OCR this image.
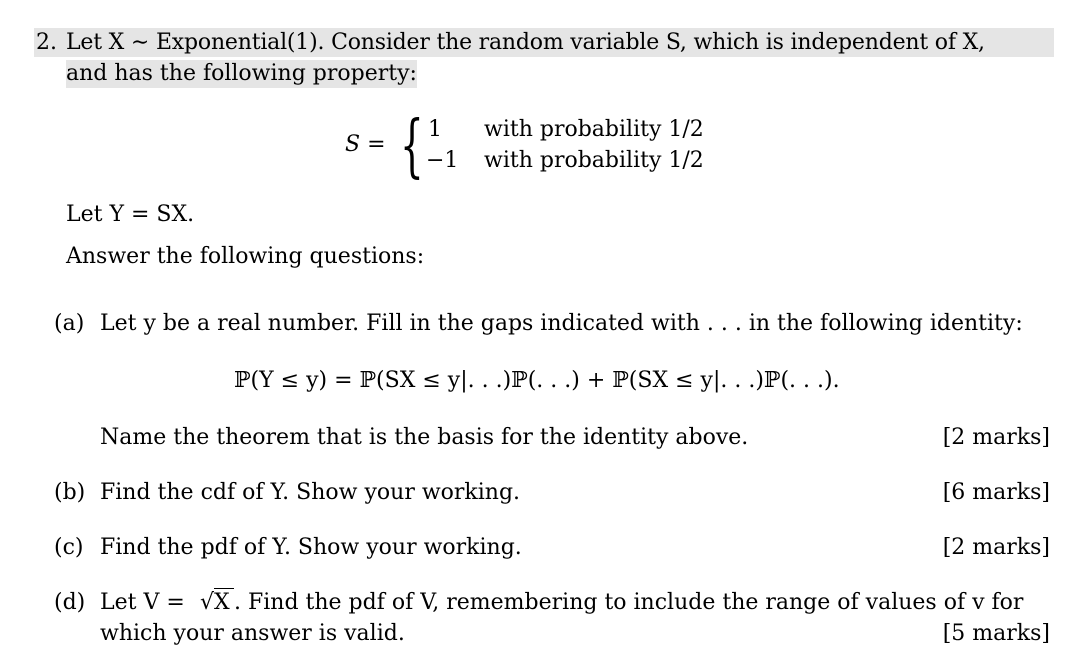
2. Let X ∼ Exponential(1). Consider the random variable S, which is independent of X,
and has the following property:
S = { 1 with probability 1/2
−1 with probability 1/2
Let Y = SX.
Answer the following questions:
(a) Let y be a real number. Fill in the gaps indicated with . . . in the following identity:
ℙ(Y ≤ y) = ℙ(SX ≤ y|. . .)ℙ(. . .) + ℙ(SX ≤ y|. . .)ℙ(. . .).
Name the theorem that is the basis for the identity above.	[2 marks]
(b) Find the cdf of Y. Show your working.	[6 marks]
(c) Find the pdf of Y. Show your working.	[2 marks]
(d) Let V = √X . Find the pdf of V, remembering to include the range of values of v for
which your answer is valid.	[5 marks]
